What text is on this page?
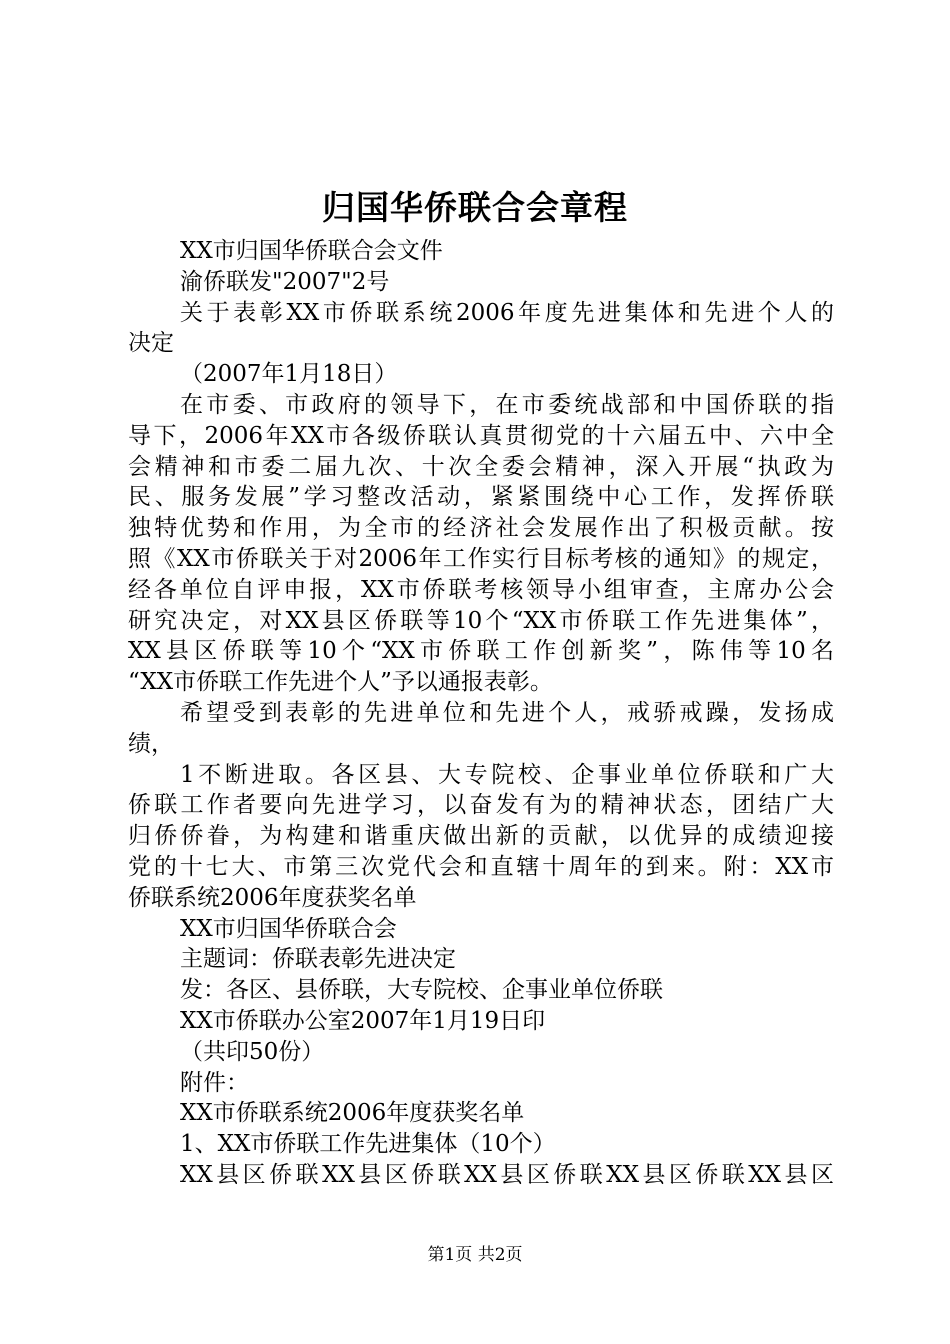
归国华侨联合会章程
XX市归国华侨联合会文件
渝侨联发"2007"2号
关于表彰XX市侨联系统2006年度先进集体和先进个人的
决定
（2007年1月18日）
在市委、市政府的领导下，在市委统战部和中国侨联的指
导下，2006年XX市各级侨联认真贯彻党的十六届五中、六中全
会精神和市委二届九次、十次全委会精神，深入开展“执政为
民、服务发展”学习整改活动，紧紧围绕中心工作，发挥侨联
独特优势和作用，为全市的经济社会发展作出了积极贡献。按
照《XX市侨联关于对2006年工作实行目标考核的通知》的规定，
经各单位自评申报，XX市侨联考核领导小组审查，主席办公会
研究决定，对XX县区侨联等10个“XX市侨联工作先进集体”，
XX县区侨联等10个“XX市侨联工作创新奖”，陈伟等10名
“XX市侨联工作先进个人”予以通报表彰。
希望受到表彰的先进单位和先进个人，戒骄戒躁，发扬成
绩，
1不断进取。各区县、大专院校、企事业单位侨联和广大
侨联工作者要向先进学习，以奋发有为的精神状态，团结广大
归侨侨眷，为构建和谐重庆做出新的贡献，以优异的成绩迎接
党的十七大、市第三次党代会和直辖十周年的到来。附：XX市
侨联系统2006年度获奖名单
XX市归国华侨联合会
主题词：侨联表彰先进决定
发：各区、县侨联，大专院校、企事业单位侨联
XX市侨联办公室2007年1月19日印
（共印50份）
附件：
XX市侨联系统2006年度获奖名单
1、XX市侨联工作先进集体（10个）
XX县区侨联XX县区侨联XX县区侨联XX县区侨联XX县区
第1页 共2页
